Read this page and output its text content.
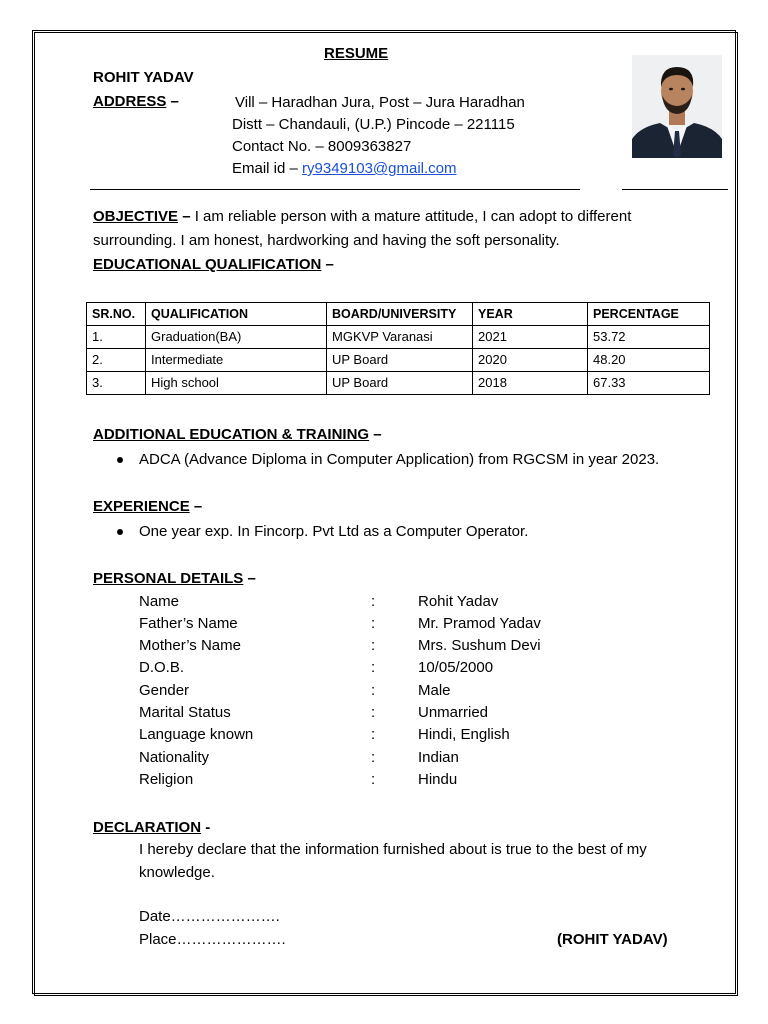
RESUME
ROHIT YADAV
ADDRESS –	Vill – Haradhan Jura, Post – Jura Haradhan
Distt – Chandauli, (U.P.) Pincode – 221115
Contact No. – 8009363827
Email id – ry9349103@gmail.com
OBJECTIVE – I am reliable person with a mature attitude, I can adopt to different
surrounding. I am honest, hardworking and having the soft personality.
EDUCATIONAL QUALIFICATION –
SR.NO.	QUALIFICATION	BOARD/UNIVERSITY	YEAR	PERCENTAGE
1.	Graduation(BA)	MGKVP Varanasi	2021	53.72
2.	Intermediate	UP Board	2020	48.20
3.	High school	UP Board	2018	67.33
ADDITIONAL EDUCATION & TRAINING –
ADCA (Advance Diploma in Computer Application) from RGCSM in year 2023.
EXPERIENCE –
One year exp. In Fincorp. Pvt Ltd as a Computer Operator.
PERSONAL DETAILS –
Name	:	Rohit Yadav
Father’s Name	:	Mr. Pramod Yadav
Mother’s Name	:	Mrs. Sushum Devi
D.O.B.	:	10/05/2000
Gender	:	Male
Marital Status	:	Unmarried
Language known	:	Hindi, English
Nationality	:	Indian
Religion	:	Hindu
DECLARATION -
I hereby declare that the information furnished about is true to the best of my
knowledge.
Date………………….
Place………………….	(ROHIT YADAV)
